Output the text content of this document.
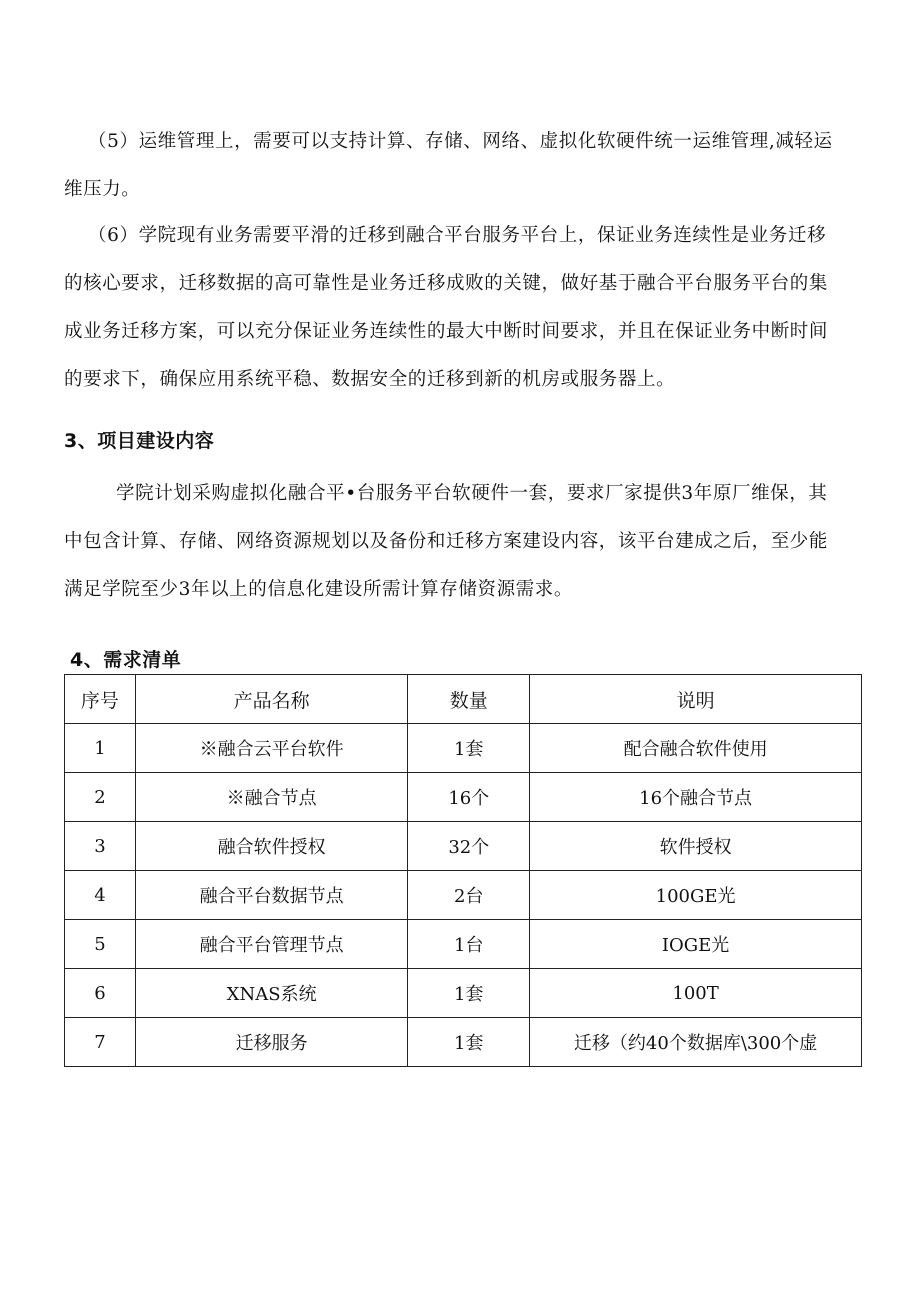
（5）运维管理上，需要可以支持计算、存储、网络、虚拟化软硬件统一运维管理,减轻运
维压力。
（6）学院现有业务需要平滑的迁移到融合平台服务平台上，保证业务连续性是业务迁移
的核心要求，迁移数据的高可靠性是业务迁移成败的关键，做好基于融合平台服务平台的集
成业务迁移方案，可以充分保证业务连续性的最大中断时间要求，并且在保证业务中断时间
的要求下，确保应用系统平稳、数据安全的迁移到新的机房或服务器上。
3、项目建设内容
学院计划采购虚拟化融合平•台服务平台软硬件一套，要求厂家提供3年原厂维保，其
中包含计算、存储、网络资源规划以及备份和迁移方案建设内容，该平台建成之后，至少能
满足学院至少3年以上的信息化建设所需计算存储资源需求。
4、需求清单
序号	产品名称	数量	说明
1	※融合云平台软件	1套	配合融合软件使用
2	※融合节点	16个	16个融合节点
3	融合软件授权	32个	软件授权
4	融合平台数据节点	2台	100GE光
5	融合平台管理节点	1台	IOGE光
6	XNAS系统	1套	100T
7	迁移服务	1套	迁移（约40个数据库\300个虚
